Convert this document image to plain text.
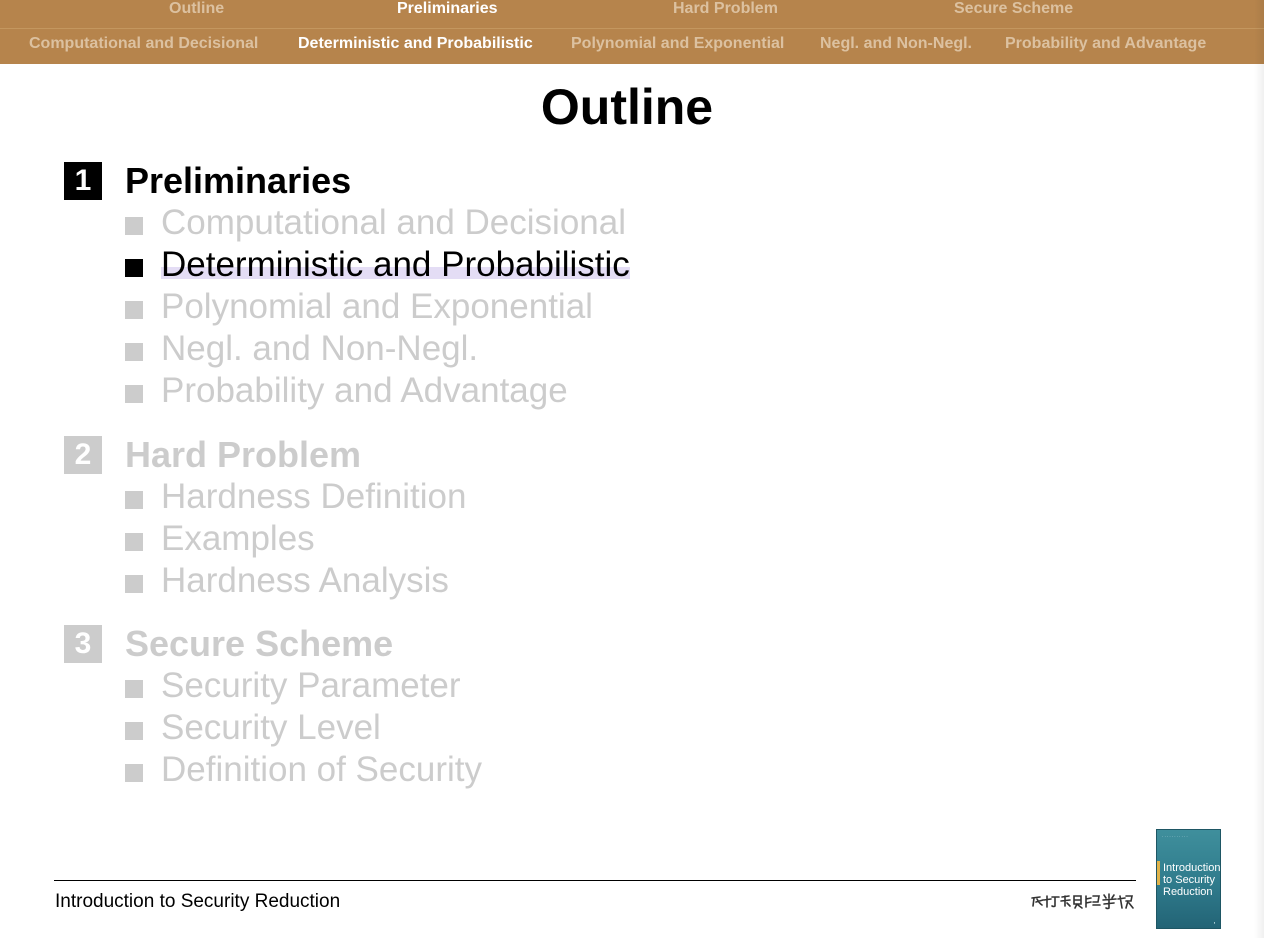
Outline	Preliminaries	Hard Problem	Secure Scheme
Computational and Decisional Deterministic and Probabilistic Polynomial and Exponential Negl. and Non-Negl. Probability and Advantage
Outline
1 Preliminaries
Computational and Decisional
Deterministic and Probabilistic
Polynomial and Exponential
Negl. and Non-Negl.
Probability and Advantage
2 Hard Problem
Hardness Definition
Examples
Hardness Analysis
3 Secure Scheme
Security Parameter
Security Level
Definition of Security
Introduction to Security Reduction
· · · · · · · · · · ·
Introduction to Security Reduction
◐
